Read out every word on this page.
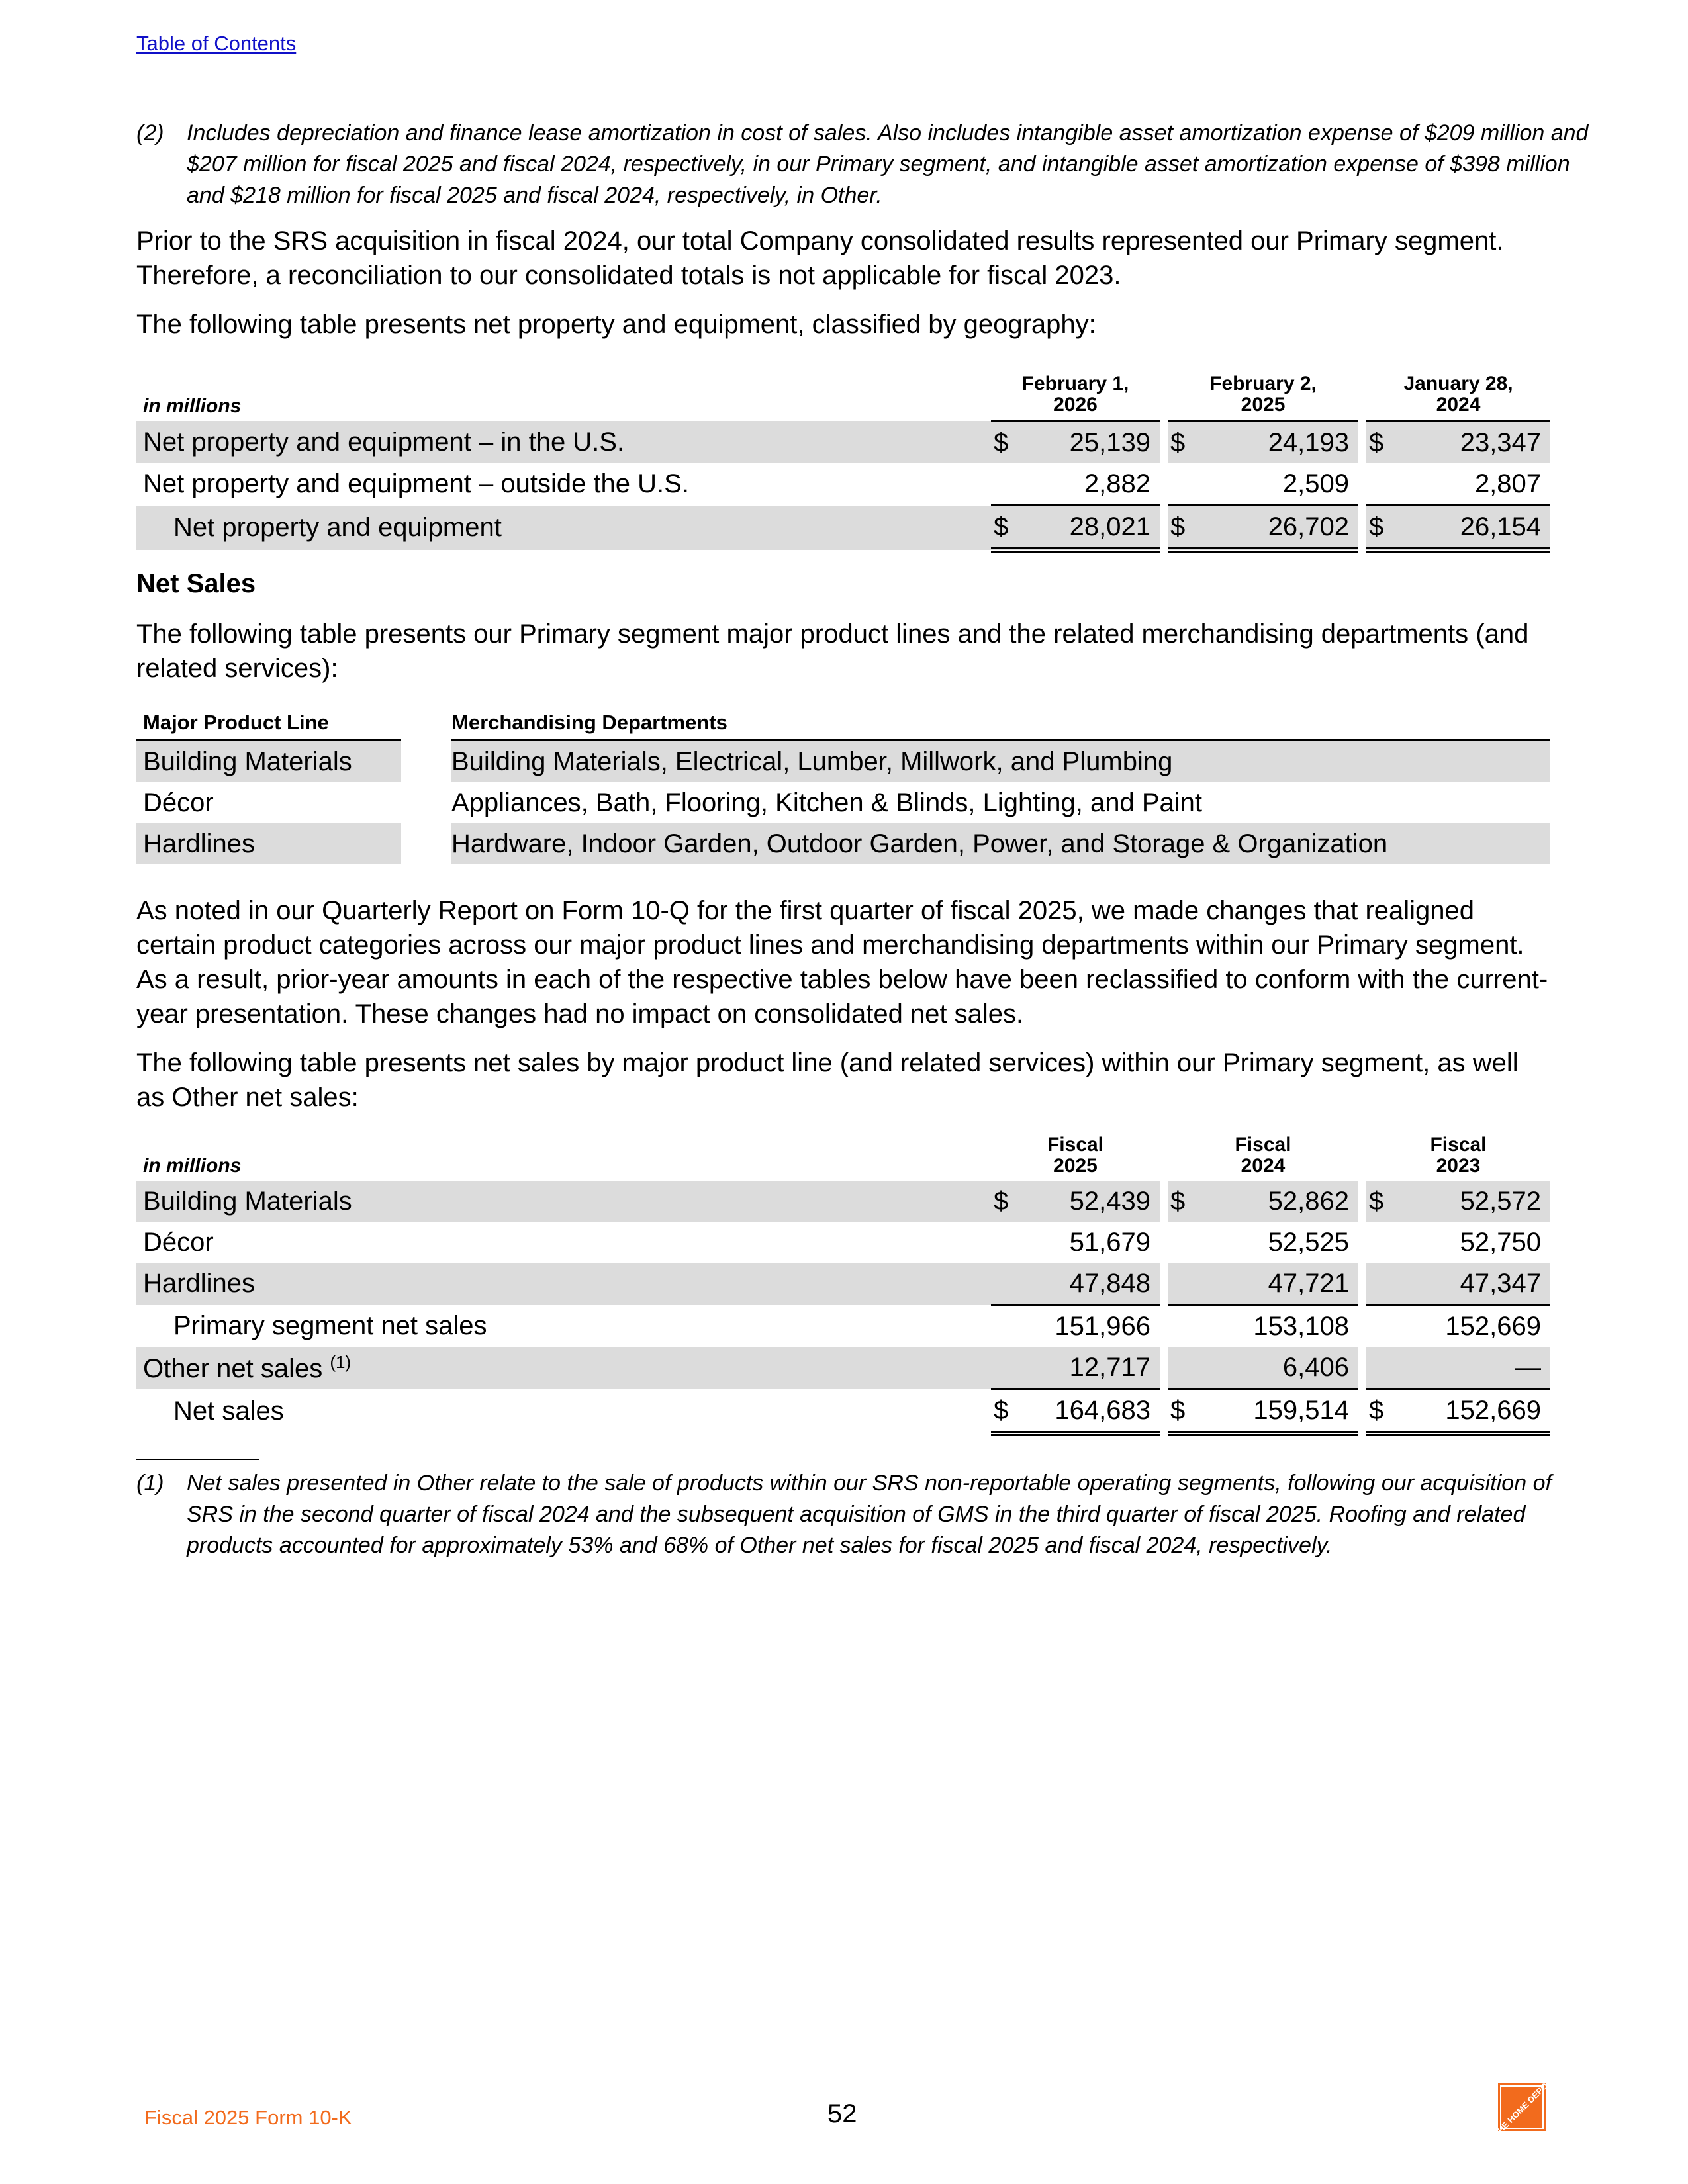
Table of Contents
(2) Includes depreciation and finance lease amortization in cost of sales. Also includes intangible asset amortization expense of $209 million and $207 million for fiscal 2025 and fiscal 2024, respectively, in our Primary segment, and intangible asset amortization expense of $398 million and $218 million for fiscal 2025 and fiscal 2024, respectively, in Other.

Prior to the SRS acquisition in fiscal 2024, our total Company consolidated results represented our Primary segment. Therefore, a reconciliation to our consolidated totals is not applicable for fiscal 2023.

The following table presents net property and equipment, classified by geography:

in millions	February 1,
2026			February 2,
2025			January 28,
2024	
Net property and equipment – in the U.S.	$	25,139		$	24,193		$	23,347
Net property and equipment – outside the U.S.		2,882			2,509			2,807
Net property and equipment	$	28,021		$	26,702		$	26,154

Net Sales

The following table presents our Primary segment major product lines and the related merchandising departments (and related services):

Major Product Line		Merchandising Departments
Building Materials		Building Materials, Electrical, Lumber, Millwork, and Plumbing
Décor		Appliances, Bath, Flooring, Kitchen & Blinds, Lighting, and Paint
Hardlines		Hardware, Indoor Garden, Outdoor Garden, Power, and Storage & Organization

As noted in our Quarterly Report on Form 10-Q for the first quarter of fiscal 2025, we made changes that realigned certain product categories across our major product lines and merchandising departments within our Primary segment. As a result, prior-year amounts in each of the respective tables below have been reclassified to conform with the current-year presentation. These changes had no impact on consolidated net sales.

The following table presents net sales by major product line (and related services) within our Primary segment, as well as Other net sales:

in millions	Fiscal
2025			Fiscal
2024			Fiscal
2023	
Building Materials	$	52,439		$	52,862		$	52,572
Décor		51,679			52,525			52,750
Hardlines		47,848			47,721			47,347
Primary segment net sales		151,966			153,108			152,669
Other net sales $^{(1)}$		12,717			6,406			—
Net sales	$	164,683		$	159,514		$	152,669
(1) Net sales presented in Other relate to the sale of products within our SRS non-reportable operating segments, following our acquisition of SRS in the second quarter of fiscal 2024 and the subsequent acquisition of GMS in the third quarter of fiscal 2025. Roofing and related products accounted for approximately 53% and 68% of Other net sales for fiscal 2025 and fiscal 2024, respectively.
Fiscal 2025 Form 10-K	52	THE HOME DEPOT
